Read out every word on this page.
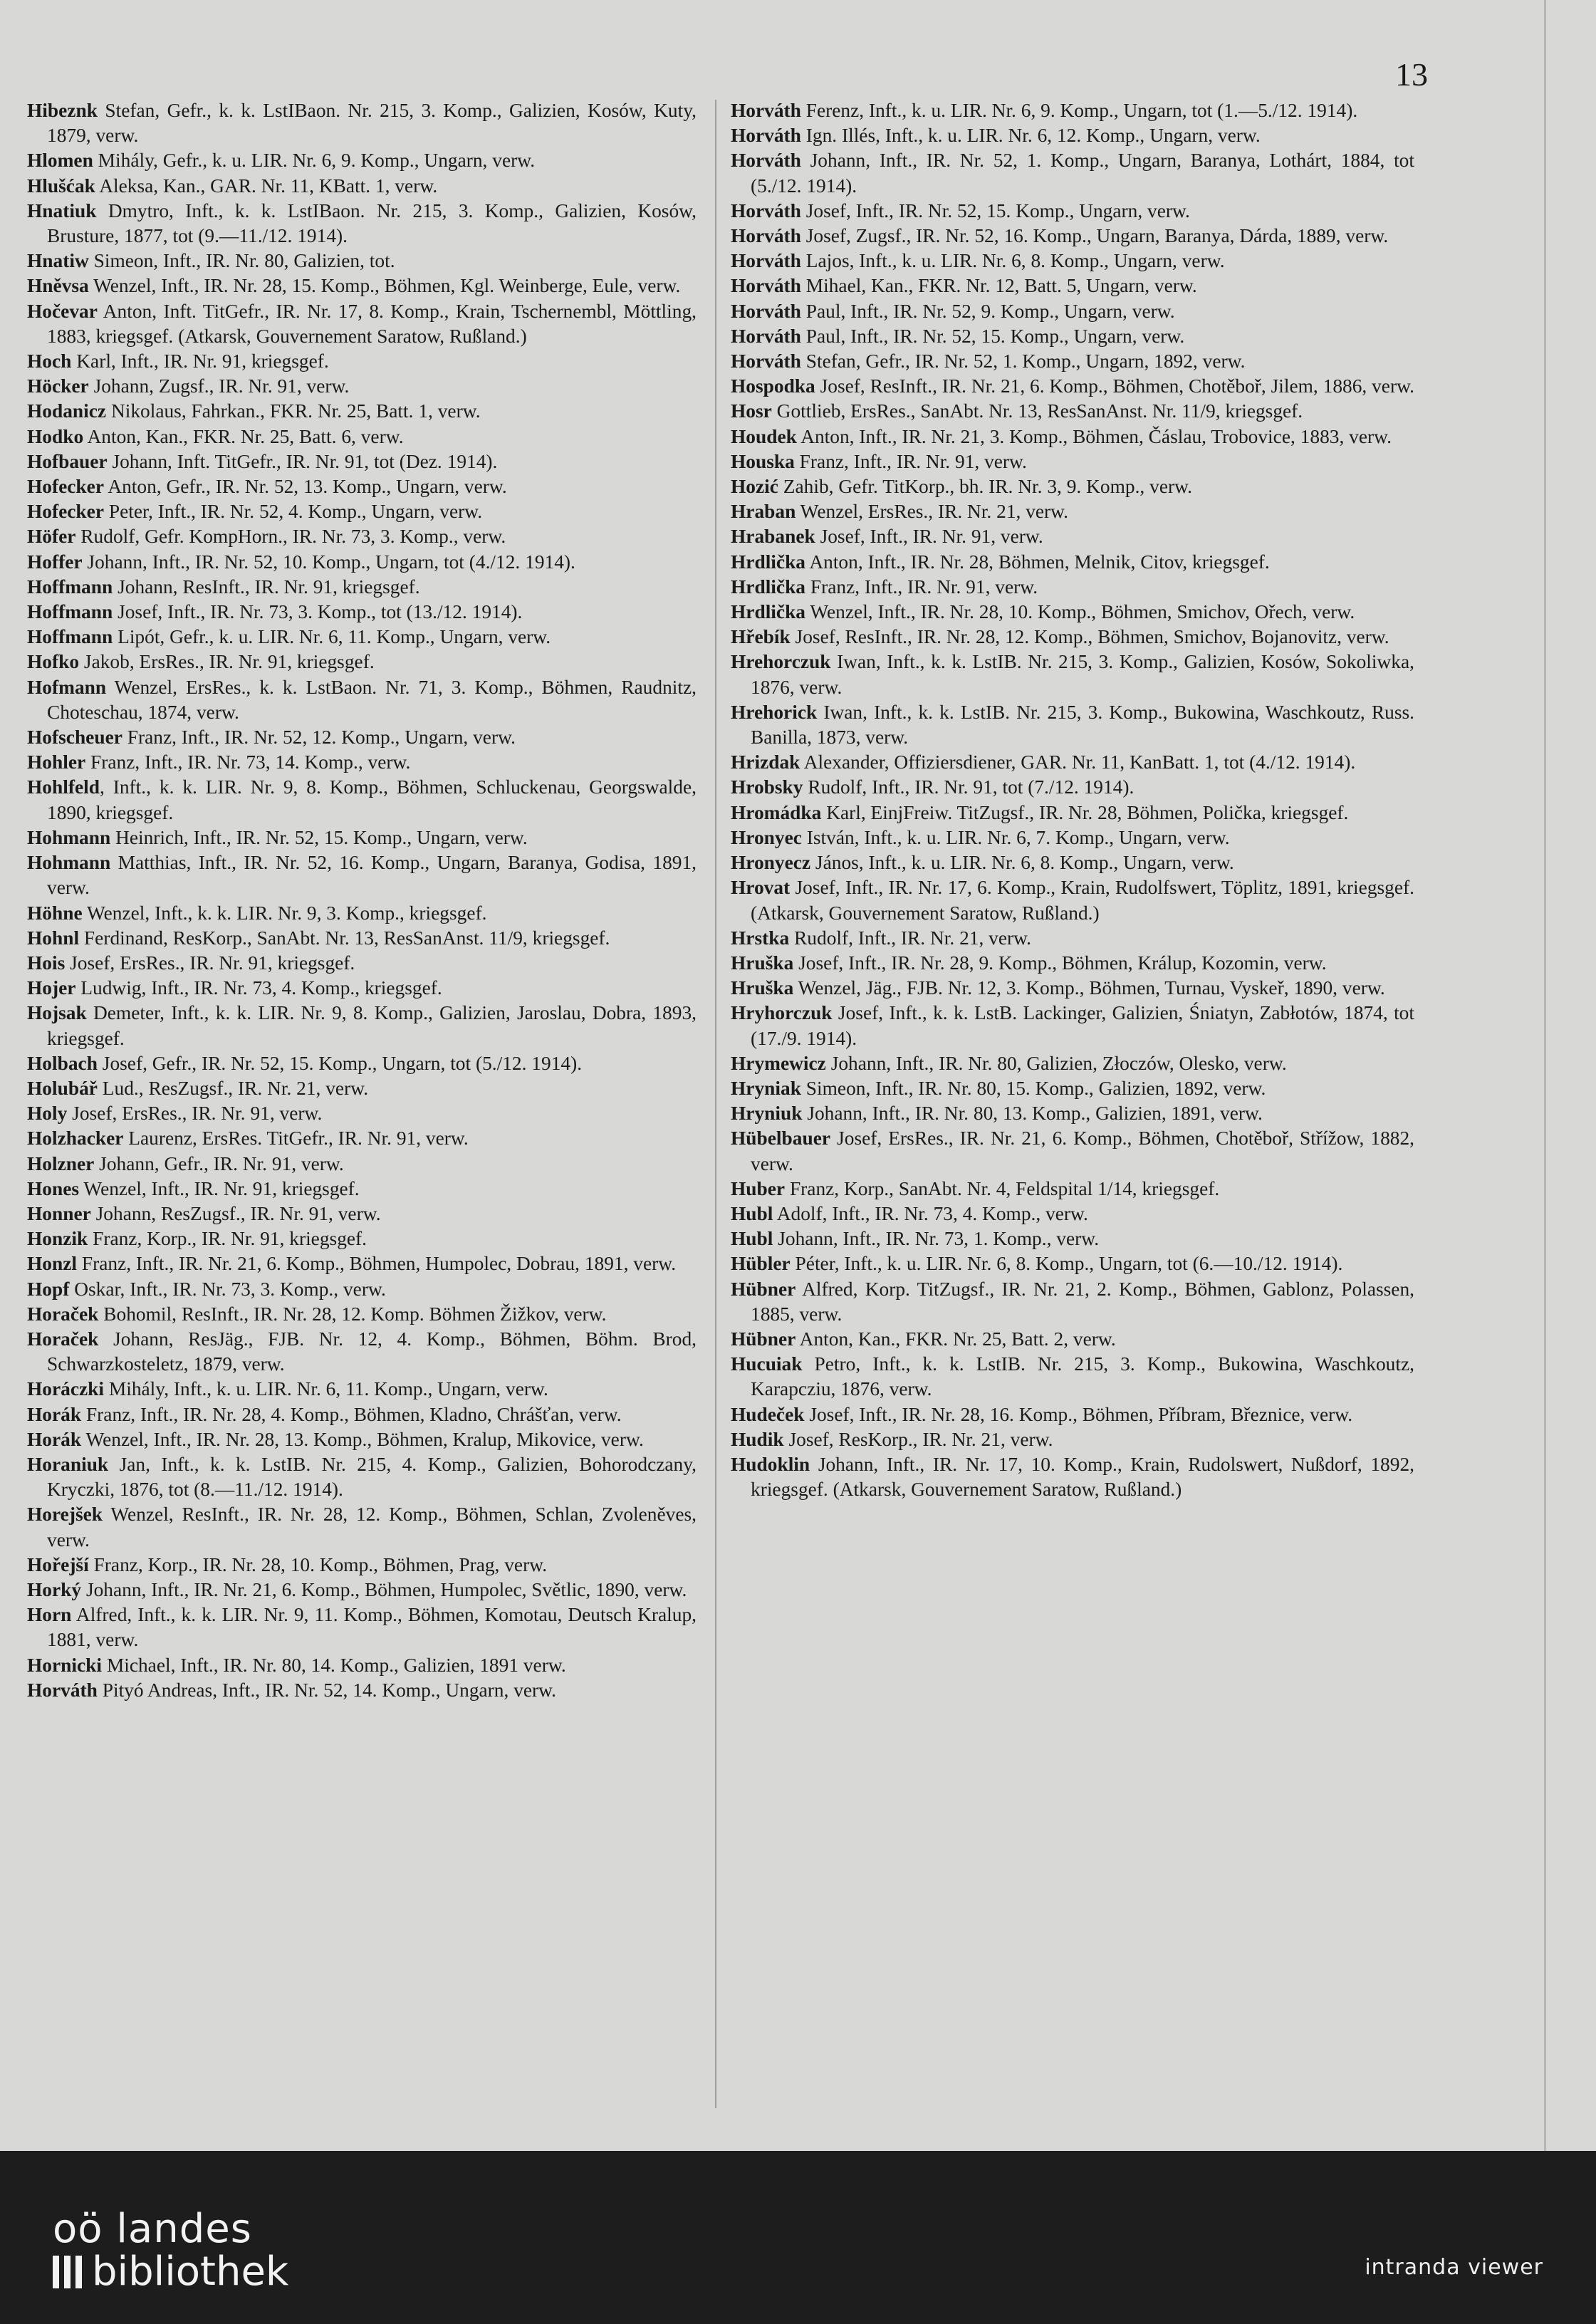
13

Hibeznk Stefan, Gefr., k. k. LstIBaon. Nr. 215, 3. Komp., Galizien, Kosów, Kuty, 1879, verw.

Hlomen Mihály, Gefr., k. u. LIR. Nr. 6, 9. Komp., Ungarn, verw.

Hlušćak Aleksa, Kan., GAR. Nr. 11, KBatt. 1, verw.

Hnatiuk Dmytro, Inft., k. k. LstIBaon. Nr. 215, 3. Komp., Galizien, Kosów, Brusture, 1877, tot (9.—11./12. 1914).

Hnatiw Simeon, Inft., IR. Nr. 80, Galizien, tot.

Hněvsa Wenzel, Inft., IR. Nr. 28, 15. Komp., Böhmen, Kgl. Weinberge, Eule, verw.

Hočevar Anton, Inft. TitGefr., IR. Nr. 17, 8. Komp., Krain, Tschernembl, Möttling, 1883, kriegsgef. (Atkarsk, Gouvernement Saratow, Rußland.)

Hoch Karl, Inft., IR. Nr. 91, kriegsgef.

Höcker Johann, Zugsf., IR. Nr. 91, verw.

Hodanicz Nikolaus, Fahrkan., FKR. Nr. 25, Batt. 1, verw.

Hodko Anton, Kan., FKR. Nr. 25, Batt. 6, verw.

Hofbauer Johann, Inft. TitGefr., IR. Nr. 91, tot (Dez. 1914).

Hofecker Anton, Gefr., IR. Nr. 52, 13. Komp., Ungarn, verw.

Hofecker Peter, Inft., IR. Nr. 52, 4. Komp., Ungarn, verw.

Höfer Rudolf, Gefr. KompHorn., IR. Nr. 73, 3. Komp., verw.

Hoffer Johann, Inft., IR. Nr. 52, 10. Komp., Ungarn, tot (4./12. 1914).

Hoffmann Johann, ResInft., IR. Nr. 91, kriegsgef.

Hoffmann Josef, Inft., IR. Nr. 73, 3. Komp., tot (13./12. 1914).

Hoffmann Lipót, Gefr., k. u. LIR. Nr. 6, 11. Komp., Ungarn, verw.

Hofko Jakob, ErsRes., IR. Nr. 91, kriegsgef.

Hofmann Wenzel, ErsRes., k. k. LstBaon. Nr. 71, 3. Komp., Böhmen, Raudnitz, Choteschau, 1874, verw.

Hofscheuer Franz, Inft., IR. Nr. 52, 12. Komp., Ungarn, verw.

Hohler Franz, Inft., IR. Nr. 73, 14. Komp., verw.

Hohlfeld, Inft., k. k. LIR. Nr. 9, 8. Komp., Böhmen, Schluckenau, Georgswalde, 1890, kriegsgef.

Hohmann Heinrich, Inft., IR. Nr. 52, 15. Komp., Ungarn, verw.

Hohmann Matthias, Inft., IR. Nr. 52, 16. Komp., Ungarn, Baranya, Godisa, 1891, verw.

Höhne Wenzel, Inft., k. k. LIR. Nr. 9, 3. Komp., kriegsgef.

Hohnl Ferdinand, ResKorp., SanAbt. Nr. 13, ResSanAnst. 11/9, kriegsgef.

Hois Josef, ErsRes., IR. Nr. 91, kriegsgef.

Hojer Ludwig, Inft., IR. Nr. 73, 4. Komp., kriegsgef.

Hojsak Demeter, Inft., k. k. LIR. Nr. 9, 8. Komp., Galizien, Jaroslau, Dobra, 1893, kriegsgef.

Holbach Josef, Gefr., IR. Nr. 52, 15. Komp., Ungarn, tot (5./12. 1914).

Holubář Lud., ResZugsf., IR. Nr. 21, verw.

Holy Josef, ErsRes., IR. Nr. 91, verw.

Holzhacker Laurenz, ErsRes. TitGefr., IR. Nr. 91, verw.

Holzner Johann, Gefr., IR. Nr. 91, verw.

Hones Wenzel, Inft., IR. Nr. 91, kriegsgef.

Honner Johann, ResZugsf., IR. Nr. 91, verw.

Honzik Franz, Korp., IR. Nr. 91, kriegsgef.

Honzl Franz, Inft., IR. Nr. 21, 6. Komp., Böhmen, Humpolec, Dobrau, 1891, verw.

Hopf Oskar, Inft., IR. Nr. 73, 3. Komp., verw.

Horaček Bohomil, ResInft., IR. Nr. 28, 12. Komp. Böhmen Žižkov, verw.

Horaček Johann, ResJäg., FJB. Nr. 12, 4. Komp., Böhmen, Böhm. Brod, Schwarzkosteletz, 1879, verw.

Horáczki Mihály, Inft., k. u. LIR. Nr. 6, 11. Komp., Ungarn, verw.

Horák Franz, Inft., IR. Nr. 28, 4. Komp., Böhmen, Kladno, Chrášťan, verw.

Horák Wenzel, Inft., IR. Nr. 28, 13. Komp., Böhmen, Kralup, Mikovice, verw.

Horaniuk Jan, Inft., k. k. LstIB. Nr. 215, 4. Komp., Galizien, Bohorodczany, Kryczki, 1876, tot (8.—11./12. 1914).

Horejšek Wenzel, ResInft., IR. Nr. 28, 12. Komp., Böhmen, Schlan, Zvoleněves, verw.

Hořejší Franz, Korp., IR. Nr. 28, 10. Komp., Böhmen, Prag, verw.

Horký Johann, Inft., IR. Nr. 21, 6. Komp., Böhmen, Humpolec, Světlic, 1890, verw.

Horn Alfred, Inft., k. k. LIR. Nr. 9, 11. Komp., Böhmen, Komotau, Deutsch Kralup, 1881, verw.

Hornicki Michael, Inft., IR. Nr. 80, 14. Komp., Galizien, 1891 verw.

Horváth Pityó Andreas, Inft., IR. Nr. 52, 14. Komp., Ungarn, verw.

Horváth Ferenz, Inft., k. u. LIR. Nr. 6, 9. Komp., Ungarn, tot (1.—5./12. 1914).

Horváth Ign. Illés, Inft., k. u. LIR. Nr. 6, 12. Komp., Ungarn, verw.

Horváth Johann, Inft., IR. Nr. 52, 1. Komp., Ungarn, Baranya, Lothárt, 1884, tot (5./12. 1914).

Horváth Josef, Inft., IR. Nr. 52, 15. Komp., Ungarn, verw.

Horváth Josef, Zugsf., IR. Nr. 52, 16. Komp., Ungarn, Baranya, Dárda, 1889, verw.

Horváth Lajos, Inft., k. u. LIR. Nr. 6, 8. Komp., Ungarn, verw.

Horváth Mihael, Kan., FKR. Nr. 12, Batt. 5, Ungarn, verw.

Horváth Paul, Inft., IR. Nr. 52, 9. Komp., Ungarn, verw.

Horváth Paul, Inft., IR. Nr. 52, 15. Komp., Ungarn, verw.

Horváth Stefan, Gefr., IR. Nr. 52, 1. Komp., Ungarn, 1892, verw.

Hospodka Josef, ResInft., IR. Nr. 21, 6. Komp., Böhmen, Chotěboř, Jilem, 1886, verw.

Hosr Gottlieb, ErsRes., SanAbt. Nr. 13, ResSanAnst. Nr. 11/9, kriegsgef.

Houdek Anton, Inft., IR. Nr. 21, 3. Komp., Böhmen, Čáslau, Trobovice, 1883, verw.

Houska Franz, Inft., IR. Nr. 91, verw.

Hozić Zahib, Gefr. TitKorp., bh. IR. Nr. 3, 9. Komp., verw.

Hraban Wenzel, ErsRes., IR. Nr. 21, verw.

Hrabanek Josef, Inft., IR. Nr. 91, verw.

Hrdlička Anton, Inft., IR. Nr. 28, Böhmen, Melnik, Citov, kriegsgef.

Hrdlička Franz, Inft., IR. Nr. 91, verw.

Hrdlička Wenzel, Inft., IR. Nr. 28, 10. Komp., Böhmen, Smichov, Ořech, verw.

Hřebík Josef, ResInft., IR. Nr. 28, 12. Komp., Böhmen, Smichov, Bojanovitz, verw.

Hrehorczuk Iwan, Inft., k. k. LstIB. Nr. 215, 3. Komp., Galizien, Kosów, Sokoliwka, 1876, verw.

Hrehorick Iwan, Inft., k. k. LstIB. Nr. 215, 3. Komp., Bukowina, Waschkoutz, Russ. Banilla, 1873, verw.

Hrizdak Alexander, Offiziersdiener, GAR. Nr. 11, KanBatt. 1, tot (4./12. 1914).

Hrobsky Rudolf, Inft., IR. Nr. 91, tot (7./12. 1914).

Hromádka Karl, EinjFreiw. TitZugsf., IR. Nr. 28, Böhmen, Polička, kriegsgef.

Hronyec István, Inft., k. u. LIR. Nr. 6, 7. Komp., Ungarn, verw.

Hronyecz János, Inft., k. u. LIR. Nr. 6, 8. Komp., Ungarn, verw.

Hrovat Josef, Inft., IR. Nr. 17, 6. Komp., Krain, Rudolfswert, Töplitz, 1891, kriegsgef. (Atkarsk, Gouvernement Saratow, Rußland.)

Hrstka Rudolf, Inft., IR. Nr. 21, verw.

Hruška Josef, Inft., IR. Nr. 28, 9. Komp., Böhmen, Králup, Kozomin, verw.

Hruška Wenzel, Jäg., FJB. Nr. 12, 3. Komp., Böhmen, Turnau, Vyskeř, 1890, verw.

Hryhorczuk Josef, Inft., k. k. LstB. Lackinger, Galizien, Śniatyn, Zabłotów, 1874, tot (17./9. 1914).

Hrymewicz Johann, Inft., IR. Nr. 80, Galizien, Złoczów, Olesko, verw.

Hryniak Simeon, Inft., IR. Nr. 80, 15. Komp., Galizien, 1892, verw.

Hryniuk Johann, Inft., IR. Nr. 80, 13. Komp., Galizien, 1891, verw.

Hübelbauer Josef, ErsRes., IR. Nr. 21, 6. Komp., Böhmen, Chotěboř, Střížow, 1882, verw.

Huber Franz, Korp., SanAbt. Nr. 4, Feldspital 1/14, kriegsgef.

Hubl Adolf, Inft., IR. Nr. 73, 4. Komp., verw.

Hubl Johann, Inft., IR. Nr. 73, 1. Komp., verw.

Hübler Péter, Inft., k. u. LIR. Nr. 6, 8. Komp., Ungarn, tot (6.—10./12. 1914).

Hübner Alfred, Korp. TitZugsf., IR. Nr. 21, 2. Komp., Böhmen, Gablonz, Polassen, 1885, verw.

Hübner Anton, Kan., FKR. Nr. 25, Batt. 2, verw.

Hucuiak Petro, Inft., k. k. LstIB. Nr. 215, 3. Komp., Bukowina, Waschkoutz, Karapcziu, 1876, verw.

Hudeček Josef, Inft., IR. Nr. 28, 16. Komp., Böhmen, Příbram, Březnice, verw.

Hudik Josef, ResKorp., IR. Nr. 21, verw.

Hudoklin Johann, Inft., IR. Nr. 17, 10. Komp., Krain, Rudolswert, Nußdorf, 1892, kriegsgef. (Atkarsk, Gouvernement Saratow, Rußland.)

oö landes
bibliothek	intranda viewer
